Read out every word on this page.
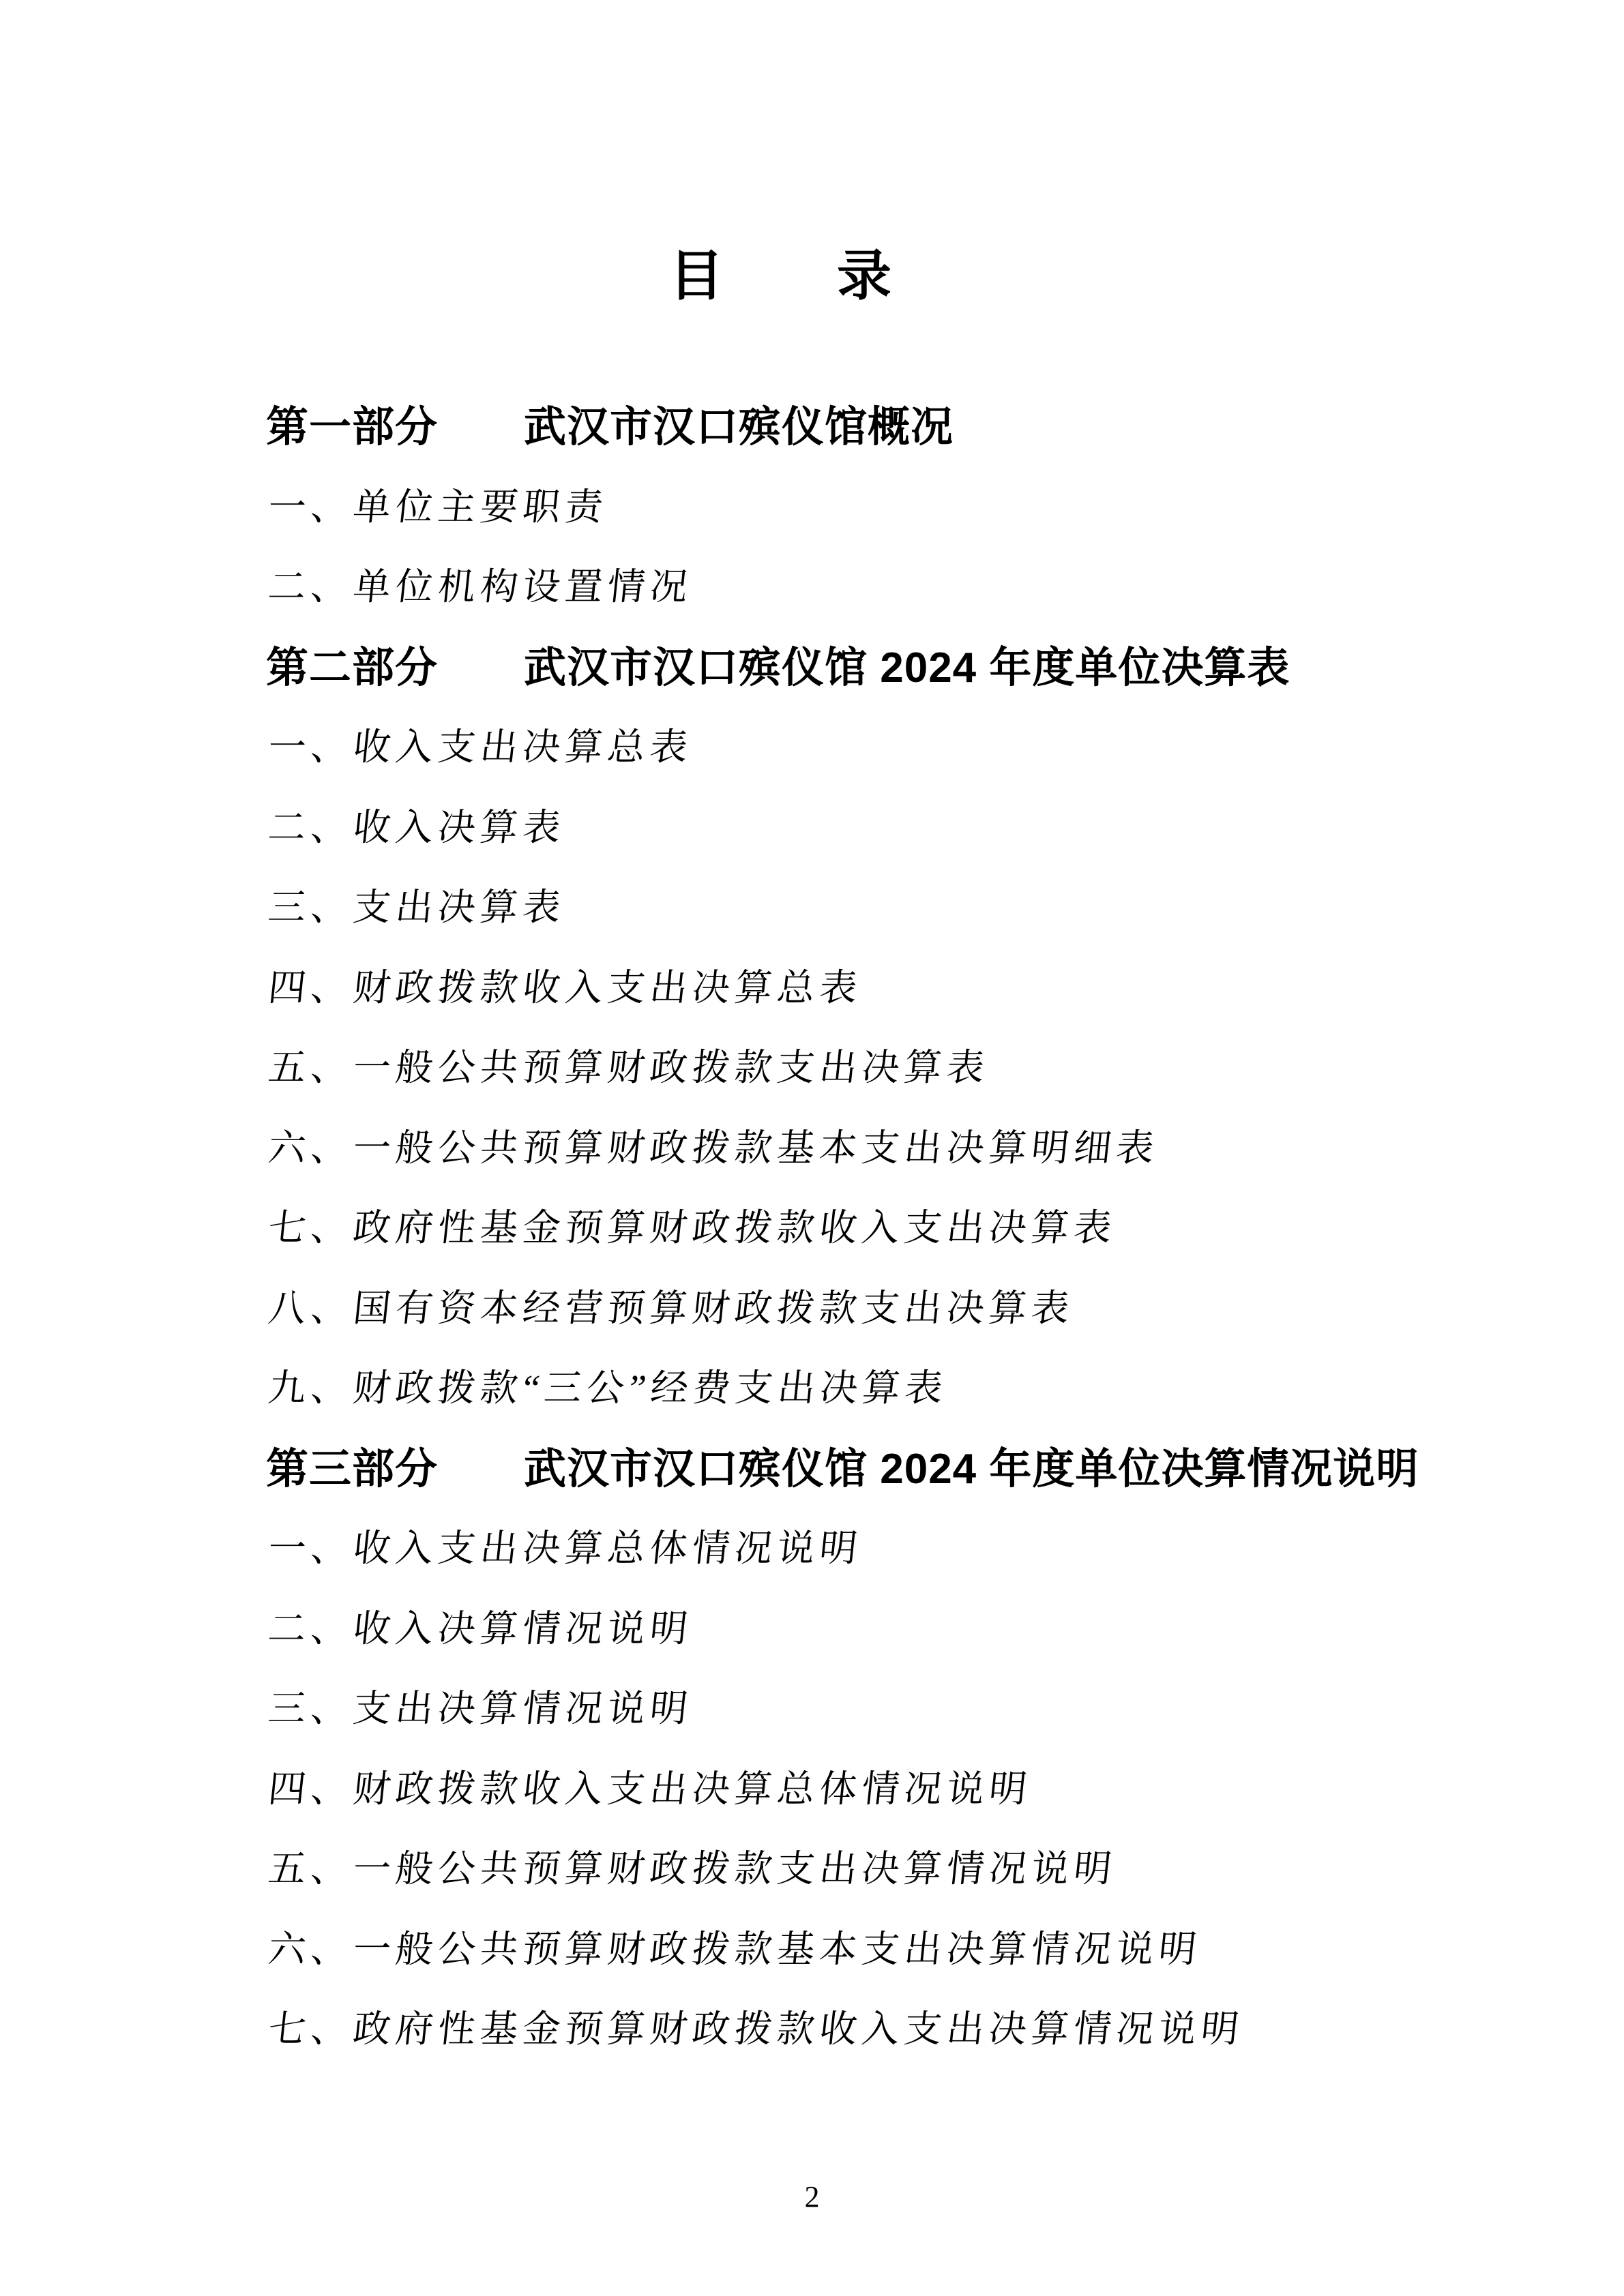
目　　录
第一部分　　武汉市汉口殡仪馆概况
一、单位主要职责
二、单位机构设置情况
第二部分　　武汉市汉口殡仪馆 2024 年度单位决算表
一、收入支出决算总表
二、收入决算表
三、支出决算表
四、财政拨款收入支出决算总表
五、一般公共预算财政拨款支出决算表
六、一般公共预算财政拨款基本支出决算明细表
七、政府性基金预算财政拨款收入支出决算表
八、国有资本经营预算财政拨款支出决算表
九、财政拨款“三公”经费支出决算表
第三部分　　武汉市汉口殡仪馆 2024 年度单位决算情况说明
一、收入支出决算总体情况说明
二、收入决算情况说明
三、支出决算情况说明
四、财政拨款收入支出决算总体情况说明
五、一般公共预算财政拨款支出决算情况说明
六、一般公共预算财政拨款基本支出决算情况说明
七、政府性基金预算财政拨款收入支出决算情况说明
2
